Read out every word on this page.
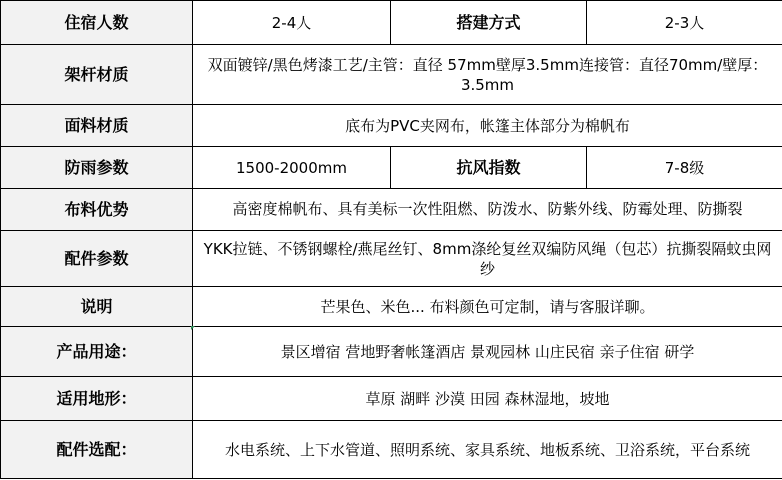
住宿人数	2-4人	搭建方式	2-3人
架杆材质	双面镀锌/黑色烤漆工艺/主管：直径 57mm壁厚3.5mm连接管：直径70mm/壁厚：3.5mm		
面料材质	底布为PVC夹网布，帐篷主体部分为棉帆布		
防雨参数	1500-2000mm	抗风指数	7-8级
布料优势	高密度棉帆布、具有美标一次性阻燃、防泼水、防紫外线、防霉处理、防撕裂		
配件参数	YKK拉链、不锈钢螺栓/燕尾丝钉、8mm涤纶复丝双编防风绳（包芯）抗撕裂隔蚊虫网纱		
说明	芒果色、米色... 布料颜色可定制，请与客服详聊。		
产品用途：	景区增宿 营地野奢帐篷酒店 景观园林 山庄民宿 亲子住宿 研学		
适用地形：	草原 湖畔 沙漠 田园 森林湿地，坡地		
配件选配：	水电系统、上下水管道、照明系统、家具系统、地板系统、卫浴系统，平台系统		
